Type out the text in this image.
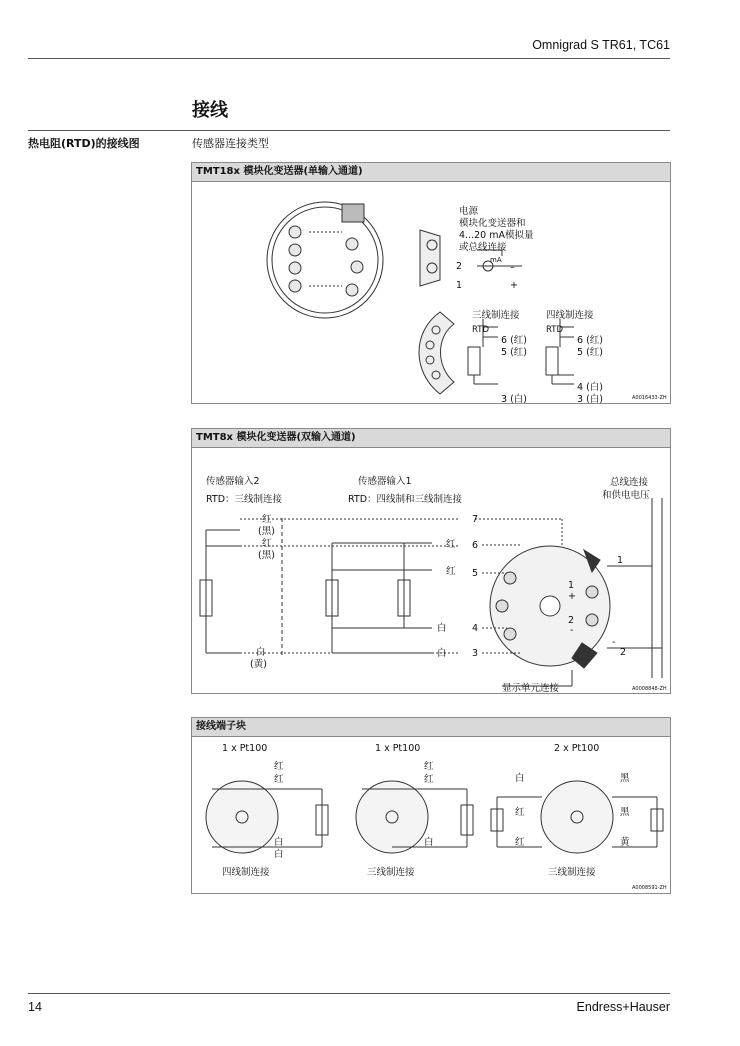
Omnigrad S TR61, TC61
接线
热电阻(RTD)的接线图	传感器连接类型
TMT18x 模块化变送器(单输入通道)
电源
模块化变送器和
4...20 mA模拟量
或总线连接
2
1
mA
–
+
三线制连接	四线制连接
RTD	RTD
6 (红)
5 (红)
3 (白)
6 (红)
5 (红)
4 (白)
3 (白)	A0016433-ZH
TMT8x 模块化变送器(双输入通道)
传感器输入2	传感器输入1
RTD：三线制连接	RTD：四线制和三线制连接
总线连接
和供电电压
红
(黑)
红
(黑)
白
(黄)
红
红
白
白
7
6
5
4
3
1
+
2
-
1
-
2
显示单元连接	A0008848-ZH
接线端子块
1 x Pt100	1 x Pt100	2 x Pt100
红
红
白
白
红
红
白
白
红
红
黑
黑
黄
四线制连接	三线制连接	三线制连接
A0008591-ZH
14	Endress+Hauser
